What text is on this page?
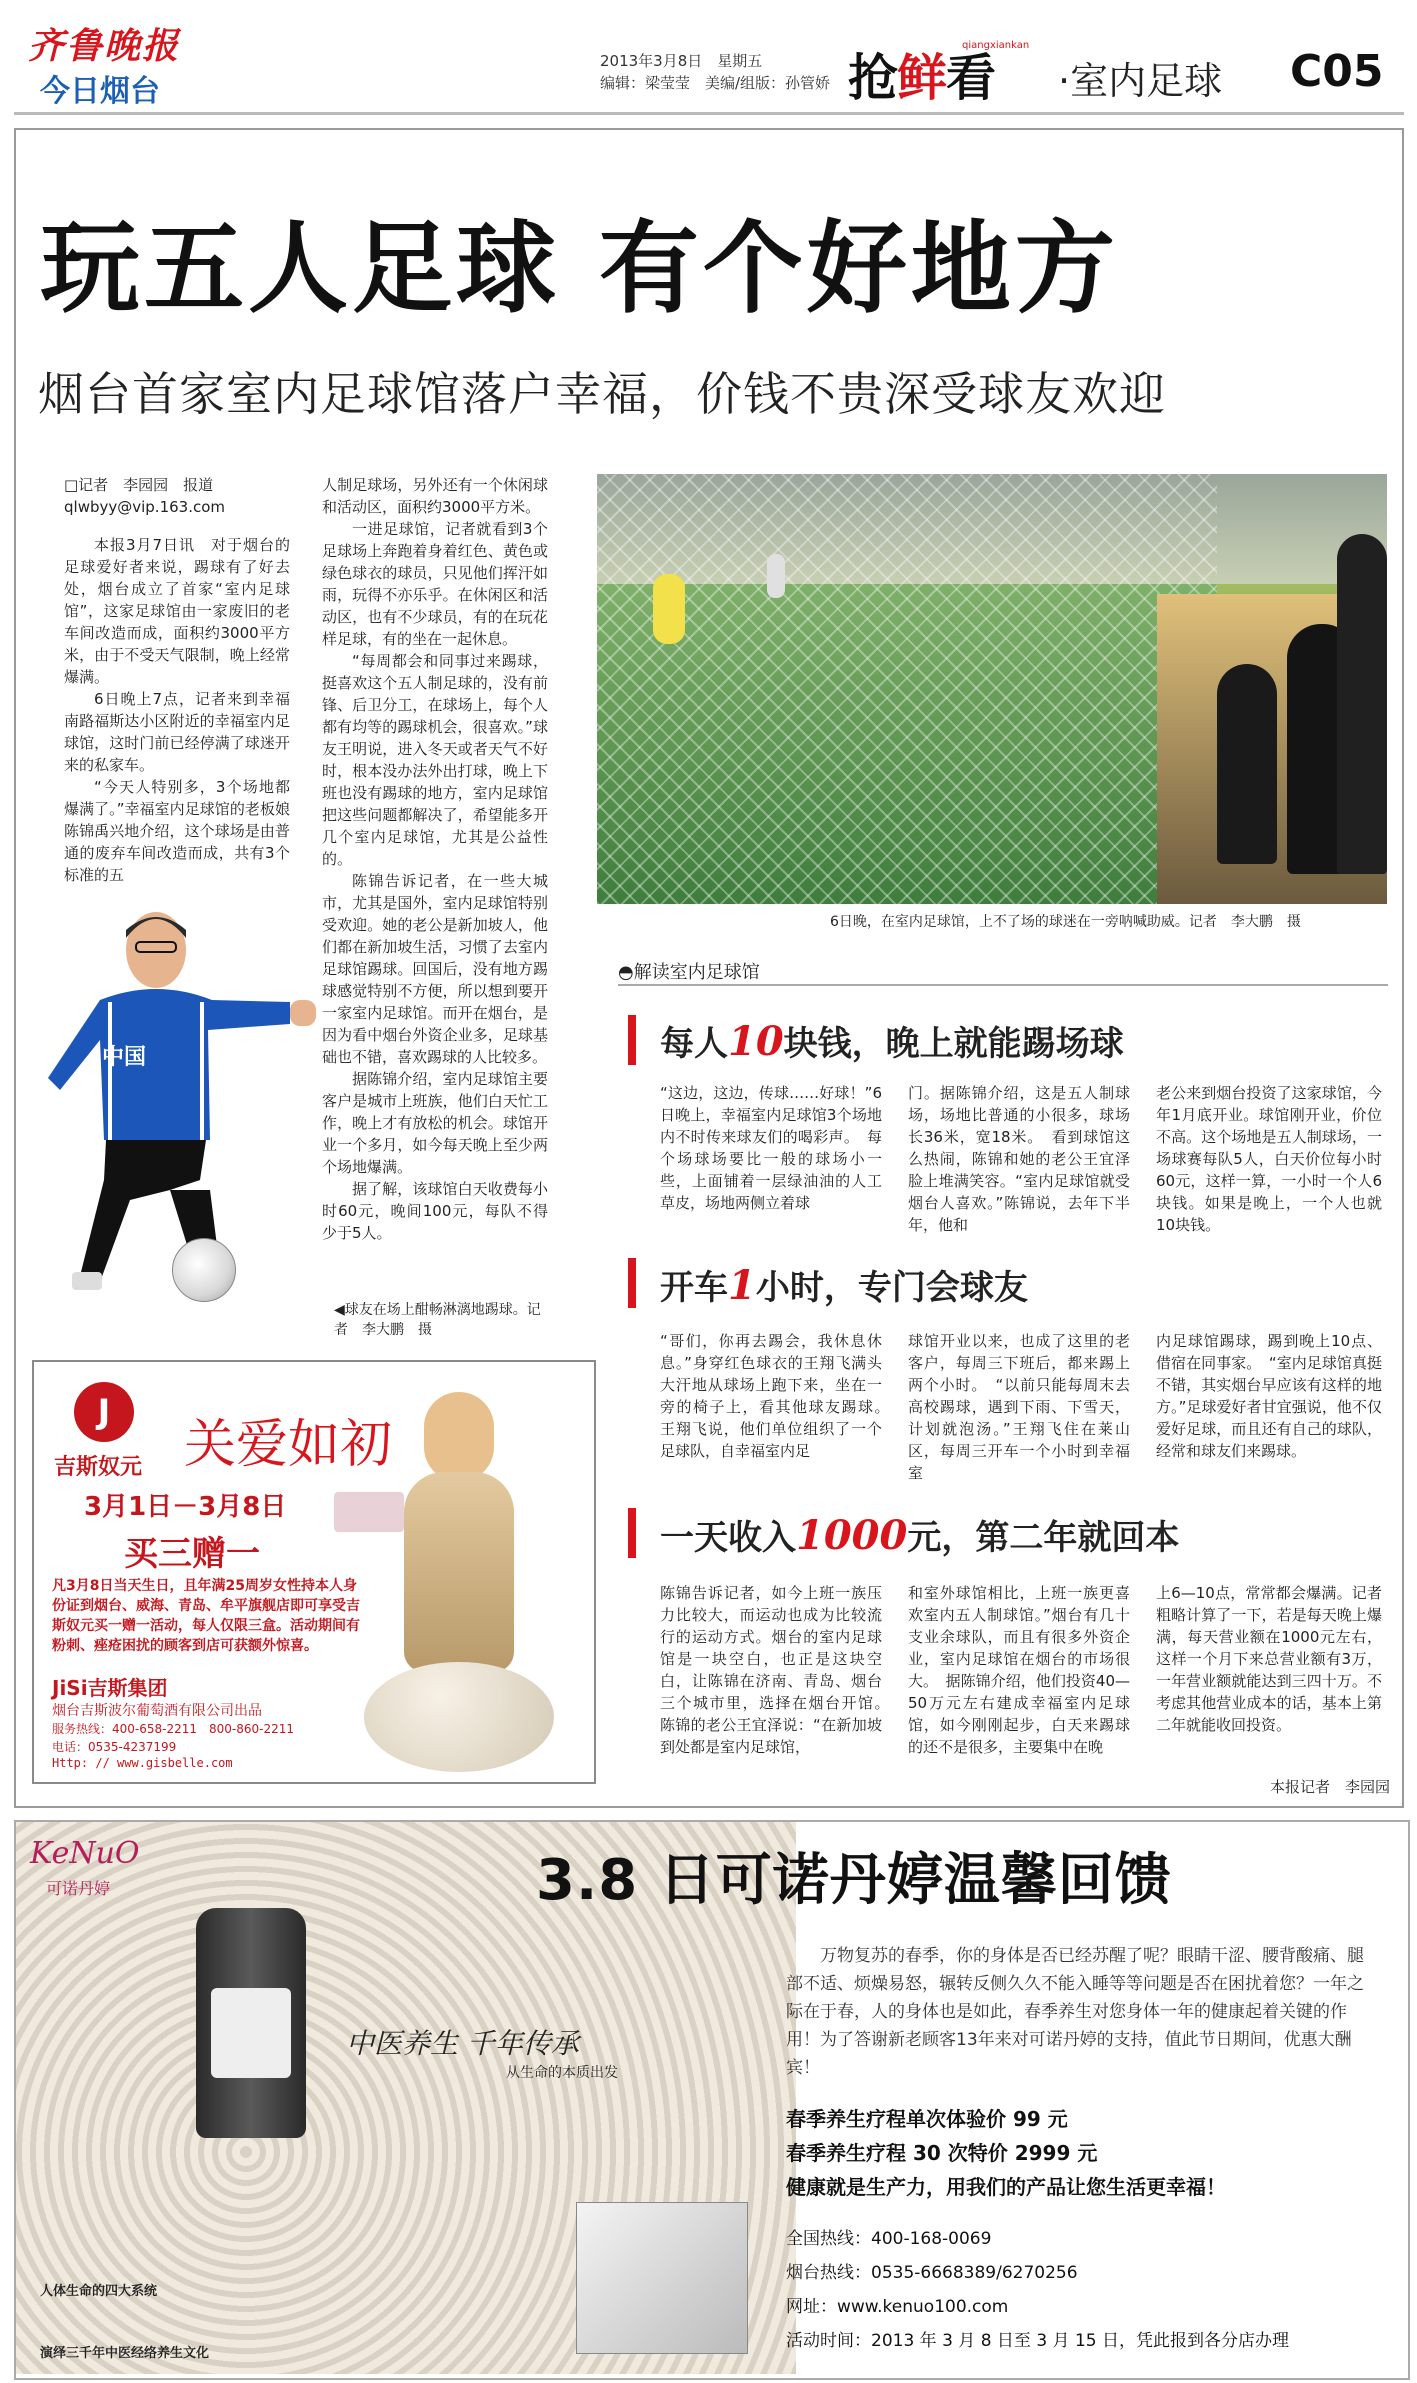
齐鲁晚报
今日烟台
2013年3月8日　星期五
编辑：梁莹莹　美编/组版：孙管娇 抢鲜看
qiangxiankan
·室内足球 C05
玩五人足球 有个好地方
烟台首家室内足球馆落户幸福，价钱不贵深受球友欢迎
□记者　李园园　报道
qlwbyy@vip.163.com

本报3月7日讯　对于烟台的足球爱好者来说，踢球有了好去处，烟台成立了首家“室内足球馆”，这家足球馆由一家废旧的老车间改造而成，面积约3000平方米，由于不受天气限制，晚上经常爆满。

6日晚上7点，记者来到幸福南路福斯达小区附近的幸福室内足球馆，这时门前已经停满了球迷开来的私家车。

“今天人特别多，3个场地都爆满了。”幸福室内足球馆的老板娘陈锦禹兴地介绍，这个球场是由普通的废弃车间改造而成，共有3个标准的五

人制足球场，另外还有一个休闲球和活动区，面积约3000平方米。

一进足球馆，记者就看到3个足球场上奔跑着身着红色、黄色或绿色球衣的球员，只见他们挥汗如雨，玩得不亦乐乎。在休闲区和活动区，也有不少球员，有的在玩花样足球，有的坐在一起休息。

“每周都会和同事过来踢球，挺喜欢这个五人制足球的，没有前锋、后卫分工，在球场上，每个人都有均等的踢球机会，很喜欢。”球友王明说，进入冬天或者天气不好时，根本没办法外出打球，晚上下班也没有踢球的地方，室内足球馆把这些问题都解决了，希望能多开几个室内足球馆，尤其是公益性的。

陈锦告诉记者，在一些大城市，尤其是国外，室内足球馆特别受欢迎。她的老公是新加坡人，他们都在新加坡生活，习惯了去室内足球馆踢球。回国后，没有地方踢球感觉特别不方便，所以想到要开一家室内足球馆。而开在烟台，是因为看中烟台外资企业多，足球基础也不错，喜欢踢球的人比较多。

据陈锦介绍，室内足球馆主要客户是城市上班族，他们白天忙工作，晚上才有放松的机会。球馆开业一个多月，如今每天晚上至少两个场地爆满。

据了解，该球馆白天收费每小时60元，晚间100元，每队不得少于5人。

中国
◀球友在场上酣畅淋漓地踢球。记者　李大鹏　摄
6日晚，在室内足球馆，上不了场的球迷在一旁呐喊助威。记者　李大鹏　摄
◓解读室内足球馆
每人10块钱，晚上就能踢场球
“这边，这边，传球……好球！”6日晚上，幸福室内足球馆3个场地内不时传来球友们的喝彩声。　每个场球场要比一般的球场小一些，上面铺着一层绿油油的人工草皮，场地两侧立着球
门。据陈锦介绍，这是五人制球场，场地比普通的小很多，球场长36米，宽18米。　看到球馆这么热闹，陈锦和她的老公王宜泽脸上堆满笑容。“室内足球馆就受烟台人喜欢。”陈锦说，去年下半年，他和
老公来到烟台投资了这家球馆，今年1月底开业。球馆刚开业，价位不高。这个场地是五人制球场，一场球赛每队5人，白天价位每小时60元，这样一算，一小时一个人6块钱。如果是晚上，一个人也就10块钱。
开车1小时，专门会球友
“哥们，你再去踢会，我休息休息。”身穿红色球衣的王翔飞满头大汗地从球场上跑下来，坐在一旁的椅子上，看其他球友踢球。　王翔飞说，他们单位组织了一个足球队，自幸福室内足
球馆开业以来，也成了这里的老客户，每周三下班后，都来踢上两个小时。　“以前只能每周末去高校踢球，遇到下雨、下雪天，计划就泡汤。”王翔飞住在莱山区，每周三开车一个小时到幸福室
内足球馆踢球，踢到晚上10点、借宿在同事家。　“室内足球馆真挺不错，其实烟台早应该有这样的地方。”足球爱好者甘宜强说，他不仅爱好足球，而且还有自己的球队，经常和球友们来踢球。
一天收入1000元，第二年就回本
陈锦告诉记者，如今上班一族压力比较大，而运动也成为比较流行的运动方式。烟台的室内足球馆是一块空白，也正是这块空白，让陈锦在济南、青岛、烟台三个城市里，选择在烟台开馆。　陈锦的老公王宜泽说：“在新加坡到处都是室内足球馆，
和室外球馆相比，上班一族更喜欢室内五人制球馆。”烟台有几十支业余球队，而且有很多外资企业，室内足球馆在烟台的市场很大。　据陈锦介绍，他们投资40—50万元左右建成幸福室内足球馆，如今刚刚起步，白天来踢球的还不是很多，主要集中在晚
上6—10点，常常都会爆满。记者粗略计算了一下，若是每天晚上爆满，每天营业额在1000元左右，这样一个月下来总营业额有3万，一年营业额就能达到三四十万。不考虑其他营业成本的话，基本上第二年就能收回投资。
本报记者　李园园
J
吉斯奴元 关爱如初
3月1日－3月8日
买三赠一
凡3月8日当天生日，且年满25周岁女性持本人身份证到烟台、威海、青岛、牟平旗舰店即可享受吉斯奴元买一赠一活动，每人仅限三盒。活动期间有粉刺、痤疮困扰的顾客到店可获额外惊喜。
JiSi吉斯集团
烟台吉斯波尔葡萄酒有限公司出品
服务热线：400-658-2211　800-860-2211
电话：0535-4237199
Http: // www.gisbelle.com
KeNuO
可诺丹婷
中医养生 千年传承
从生命的本质出发
人体生命的四大系统
演绎三千年中医经络养生文化
3.8 日可诺丹婷温馨回馈
万物复苏的春季，你的身体是否已经苏醒了呢？眼睛干涩、腰背酸痛、腿部不适、烦燥易怒，辗转反侧久久不能入睡等等问题是否在困扰着您？一年之际在于春，人的身体也是如此，春季养生对您身体一年的健康起着关键的作用！为了答谢新老顾客13年来对可诺丹婷的支持，值此节日期间，优惠大酬宾！
春季养生疗程单次体验价 99 元
春季养生疗程 30 次特价 2999 元
健康就是生产力，用我们的产品让您生活更幸福！
全国热线：400-168-0069
烟台热线：0535-6668389/6270256
网址：www.kenuo100.com
活动时间：2013 年 3 月 8 日至 3 月 15 日，凭此报到各分店办理
